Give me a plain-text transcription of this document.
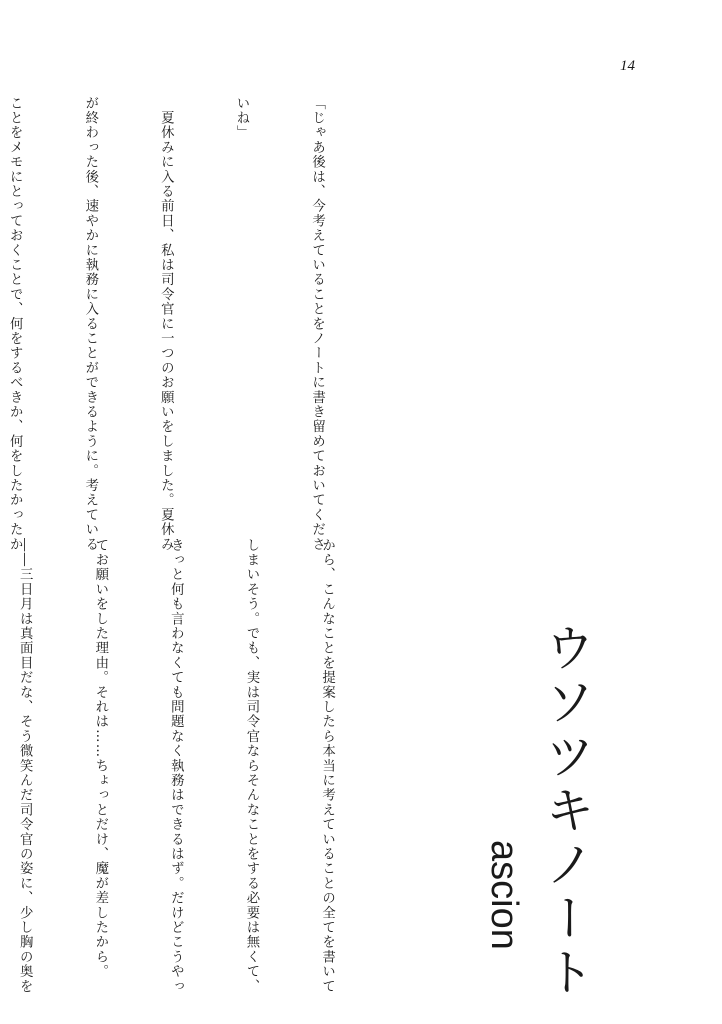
14

「じゃあ後は、今考えていることをノートに書き留めておいてくださ

いね」

　夏休みに入る前日、私は司令官に一つのお願いをしました。夏休み

が終わった後、速やかに執務に入ることができるように。考えている

ことをメモにとっておくことで、何をするべきか、何をしたかったか

から、こんなことを提案したら本当に考えていることの全てを書いて

しまいそう。でも、実は司令官ならそんなことをする必要は無くて、

きっと何も言わなくても問題なく執務はできるはず。だけどこうやっ

てお願いをした理由。それは……ちょっとだけ、魔が差したから。

――三日月は真面目だな、そう微笑んだ司令官の姿に、少し胸の奥を

	ウソツキノート
ascion
